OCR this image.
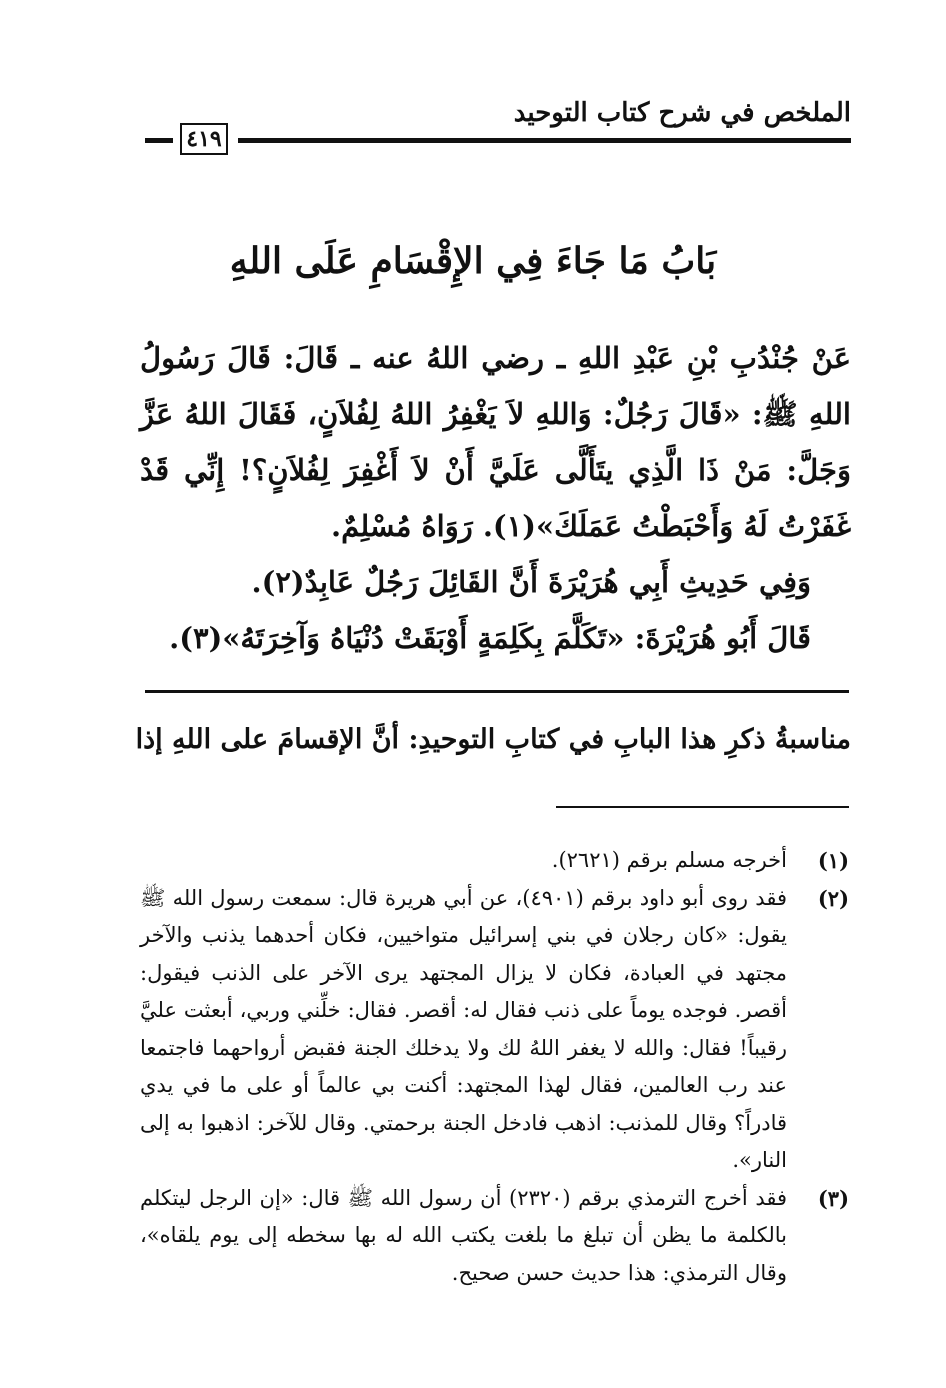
الملخص في شرح كتاب التوحيد
٤١٩
بَابُ مَا جَاءَ فِي الإِقْسَامِ عَلَى اللهِ
عَنْ جُنْدُبِ بْنِ عَبْدِ اللهِ ـ رضي اللهُ عنه ـ قَالَ: قَالَ رَسُولُ اللهِ ﷺ: «قَالَ رَجُلٌ: وَاللهِ لاَ يَغْفِرُ اللهُ لِفُلاَنٍ، فَقَالَ اللهُ عَزَّ وَجَلَّ: مَنْ ذَا الَّذِي يتَأَلَّى عَلَيَّ أَنْ لاَ أَغْفِرَ لِفُلاَنٍ؟! إِنِّي قَدْ غَفَرْتُ لَهُ وَأَحْبَطْتُ عَمَلَكَ»(١). رَوَاهُ مُسْلِمٌ.
وَفِي حَدِيثِ أَبِي هُرَيْرَةَ أَنَّ القَائِلَ رَجُلٌ عَابِدٌ(٢).
قَالَ أَبُو هُرَيْرَةَ: «تَكَلَّمَ بِكَلِمَةٍ أَوْبَقَتْ دُنْيَاهُ وَآخِرَتَهُ»(٣).
مناسبةُ ذكرِ هذا البابِ في كتابِ التوحيدِ: أنَّ الإقسامَ على اللهِ إذا
(١)
أخرجه مسلم برقم (٢٦٢١).
(٢)
فقد روى أبو داود برقم (٤٩٠١)، عن أبي هريرة قال: سمعت رسول الله ﷺ يقول: «كان رجلان في بني إسرائيل متواخيين، فكان أحدهما يذنب والآخر مجتهد في العبادة، فكان لا يزال المجتهد يرى الآخر على الذنب فيقول: أقصر. فوجده يوماً على ذنب فقال له: أقصر. فقال: خلِّني وربي، أبعثت عليَّ رقيباً! فقال: والله لا يغفر اللهُ لك ولا يدخلك الجنة فقبض أرواحهما فاجتمعا عند رب العالمين، فقال لهذا المجتهد: أكنت بي عالماً أو على ما في يدي قادراً؟ وقال للمذنب: اذهب فادخل الجنة برحمتي. وقال للآخر: اذهبوا به إلى النار».
(٣)
فقد أخرج الترمذي برقم (٢٣٢٠) أن رسول الله ﷺ قال: «إن الرجل ليتكلم بالكلمة ما يظن أن تبلغ ما بلغت يكتب الله له بها سخطه إلى يوم يلقاه»، وقال الترمذي: هذا حديث حسن صحيح.
